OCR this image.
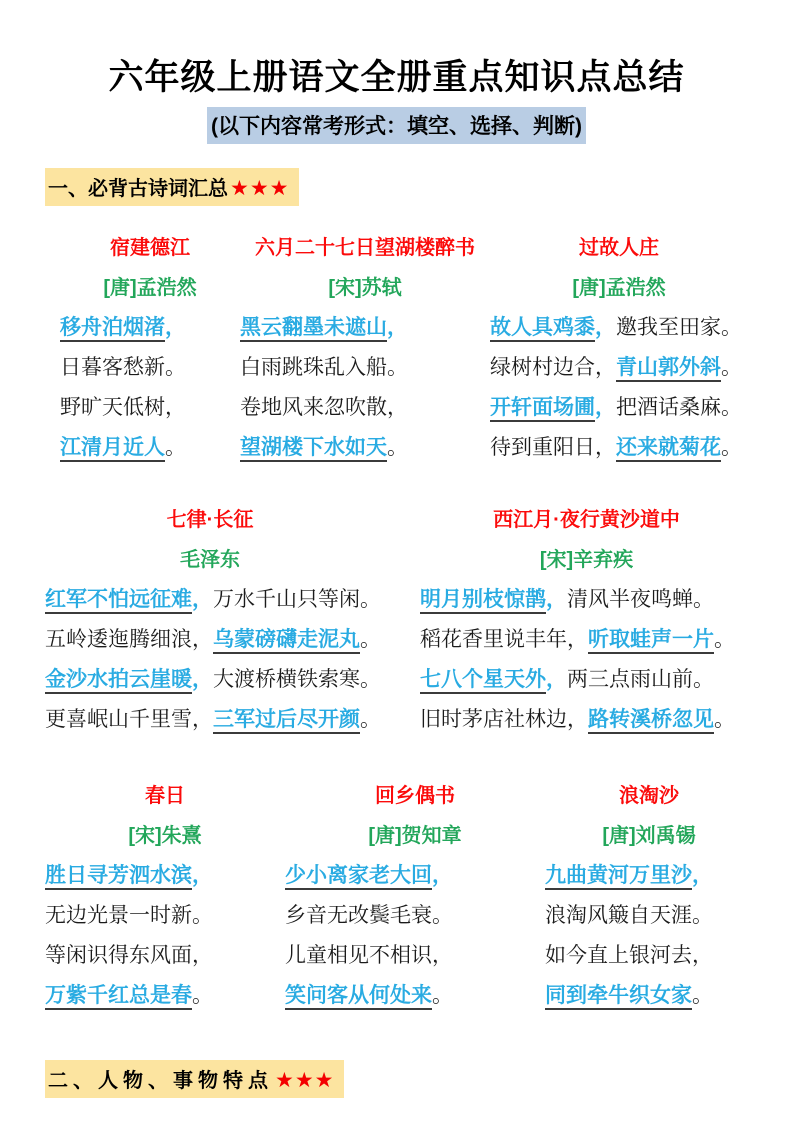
六年级上册语文全册重点知识点总结
(以下内容常考形式：填空、选择、判断)
一、必背古诗词汇总★★★
宿建德江
[唐]孟浩然
移舟泊烟渚，
日暮客愁新。
野旷天低树，
江清月近人。
六月二十七日望湖楼醉书
[宋]苏轼
黑云翻墨未遮山，
白雨跳珠乱入船。
卷地风来忽吹散，
望湖楼下水如天。
过故人庄
[唐]孟浩然
故人具鸡黍，邀我至田家。
绿树村边合，青山郭外斜。
开轩面场圃，把酒话桑麻。
待到重阳日，还来就菊花。
七律·长征
毛泽东
红军不怕远征难，万水千山只等闲。
五岭逶迤腾细浪，乌蒙磅礴走泥丸。
金沙水拍云崖暖，大渡桥横铁索寒。
更喜岷山千里雪，三军过后尽开颜。
西江月·夜行黄沙道中
[宋]辛弃疾
明月别枝惊鹊，清风半夜鸣蝉。
稻花香里说丰年，听取蛙声一片。
七八个星天外，两三点雨山前。
旧时茅店社林边，路转溪桥忽见。
春日
[宋]朱熹
胜日寻芳泗水滨，
无边光景一时新。
等闲识得东风面，
万紫千红总是春。
回乡偶书
[唐]贺知章
少小离家老大回，
乡音无改鬓毛衰。
儿童相见不相识，
笑问客从何处来。
浪淘沙
[唐]刘禹锡
九曲黄河万里沙，
浪淘风簸自天涯。
如今直上银河去，
同到牵牛织女家。
二、人物、事物特点★★★
